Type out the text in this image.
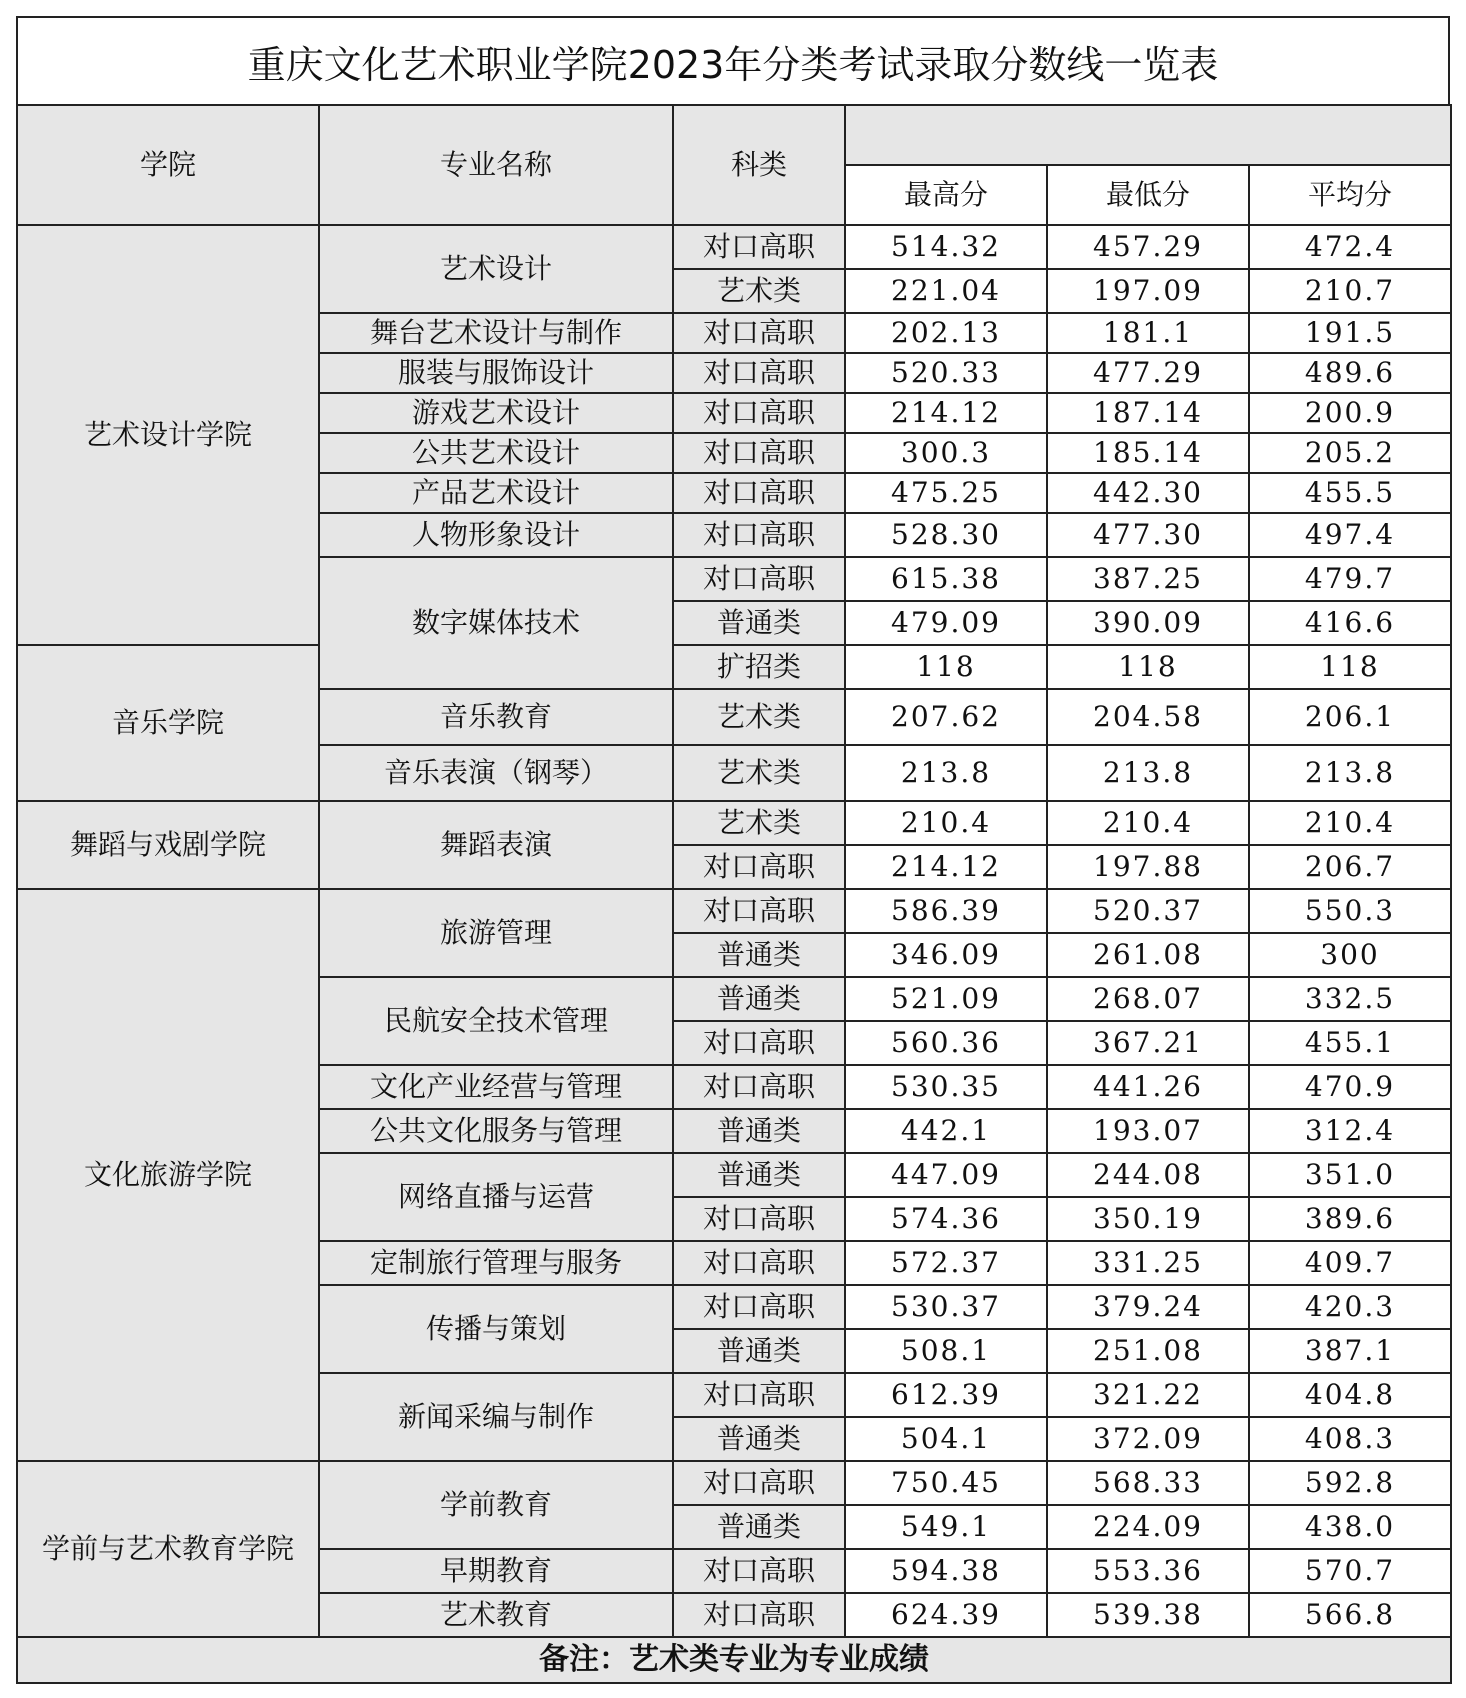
重庆文化艺术职业学院2023年分类考试录取分数线一览表
学院	专业名称	科类			
			最高分	最低分	平均分
艺术设计学院	艺术设计	对口高职	514.32	457.29	472.4
		艺术类	221.04	197.09	210.7
	舞台艺术设计与制作	对口高职	202.13	181.1	191.5
	服装与服饰设计	对口高职	520.33	477.29	489.6
	游戏艺术设计	对口高职	214.12	187.14	200.9
	公共艺术设计	对口高职	300.3	185.14	205.2
	产品艺术设计	对口高职	475.25	442.30	455.5
	人物形象设计	对口高职	528.30	477.30	497.4
	数字媒体技术	对口高职	615.38	387.25	479.7
		普通类	479.09	390.09	416.6
音乐学院		扩招类	118	118	118
	音乐教育	艺术类	207.62	204.58	206.1
	音乐表演（钢琴）	艺术类	213.8	213.8	213.8
舞蹈与戏剧学院	舞蹈表演	艺术类	210.4	210.4	210.4
		对口高职	214.12	197.88	206.7
文化旅游学院	旅游管理	对口高职	586.39	520.37	550.3
		普通类	346.09	261.08	300
	民航安全技术管理	普通类	521.09	268.07	332.5
		对口高职	560.36	367.21	455.1
	文化产业经营与管理	对口高职	530.35	441.26	470.9
	公共文化服务与管理	普通类	442.1	193.07	312.4
	网络直播与运营	普通类	447.09	244.08	351.0
		对口高职	574.36	350.19	389.6
	定制旅行管理与服务	对口高职	572.37	331.25	409.7
	传播与策划	对口高职	530.37	379.24	420.3
		普通类	508.1	251.08	387.1
	新闻采编与制作	对口高职	612.39	321.22	404.8
		普通类	504.1	372.09	408.3
学前与艺术教育学院	学前教育	对口高职	750.45	568.33	592.8
		普通类	549.1	224.09	438.0
	早期教育	对口高职	594.38	553.36	570.7
	艺术教育	对口高职	624.39	539.38	566.8
备注：艺术类专业为专业成绩					
